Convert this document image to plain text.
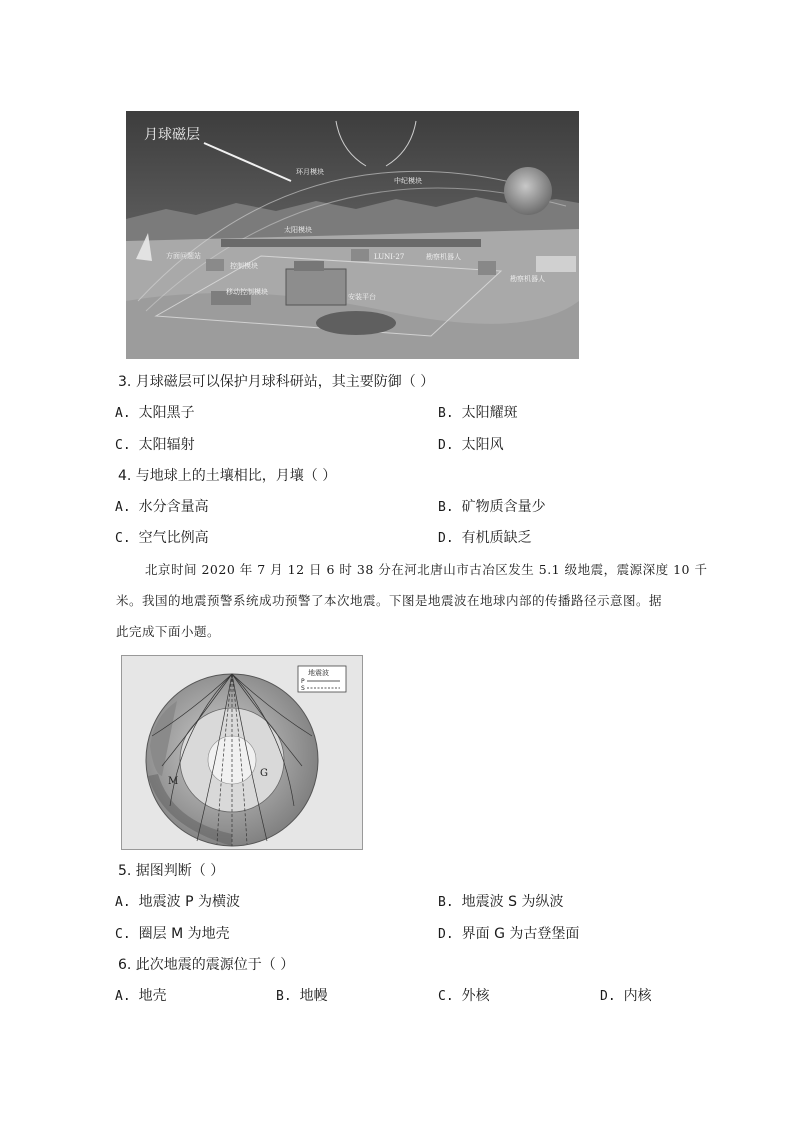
月球磁层
环月模块
中纪模块
太阳模块
方面问题站
控制模块
移动控制模块
LUNI-27	勘察机器人
勘察机器人
安装平台
3. 月球磁层可以保护月球科研站，其主要防御（ ）
A. 太阳黑子	B. 太阳耀斑
C. 太阳辐射	D. 太阳风
4. 与地球上的土壤相比，月壤（ ）
A. 水分含量高	B. 矿物质含量少
C. 空气比例高	D. 有机质缺乏
北京时间 2020 年 7 月 12 日 6 时 38 分在河北唐山市古冶区发生 5.1 级地震，震源深度 10 千
米。我国的地震预警系统成功预警了本次地震。下图是地震波在地球内部的传播路径示意图。据
此完成下面小题。
M
G
地震波
P
S
5. 据图判断（ ）
A. 地震波 P 为横波	B. 地震波 S 为纵波
C. 圈层 M 为地壳	D. 界面 G 为古登堡面
6. 此次地震的震源位于（ ）
A. 地壳	B. 地幔	C. 外核	D. 内核
